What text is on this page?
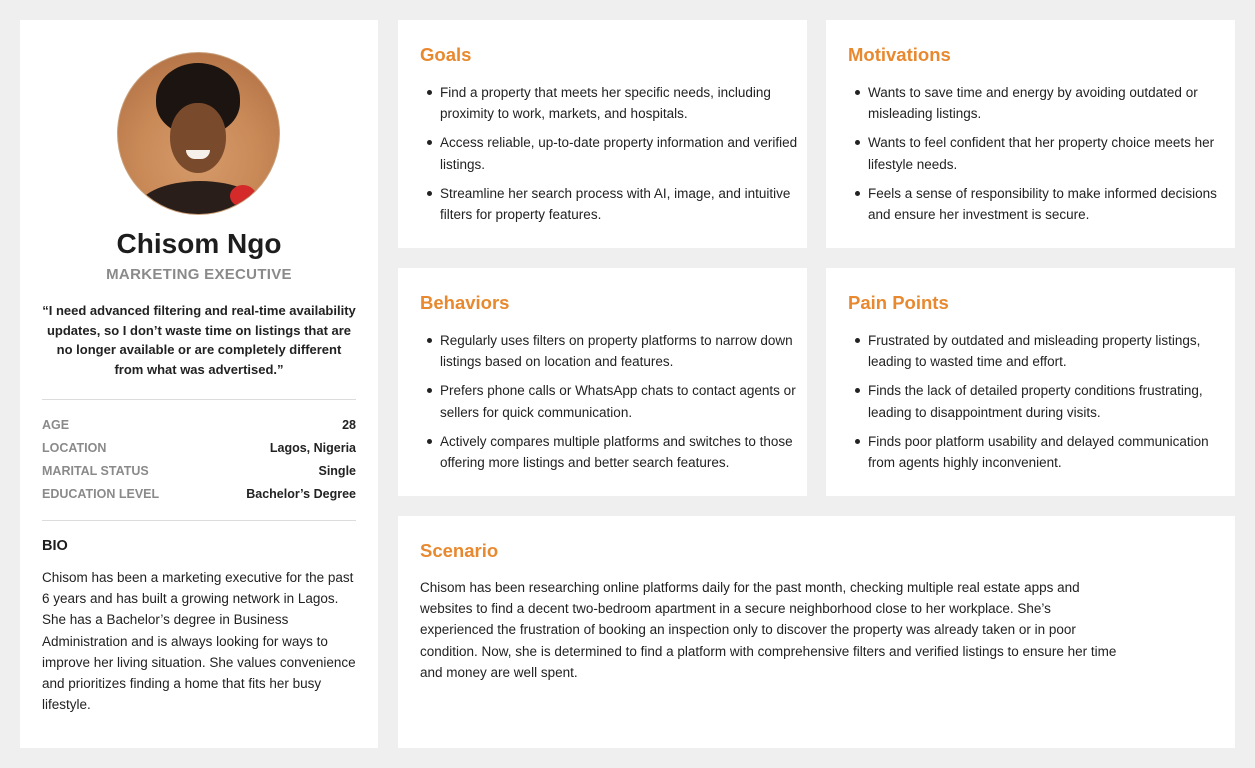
Chisom Ngo
MARKETING EXECUTIVE
“I need advanced filtering and real-time availability updates, so I don’t waste time on listings that are no longer available or are completely different from what was advertised.”
AGE	28
LOCATION	Lagos, Nigeria
MARITAL STATUS	Single
EDUCATION LEVEL	Bachelor’s Degree
BIO
Chisom has been a marketing executive for the past 6 years and has built a growing network in Lagos. She has a Bachelor’s degree in Business Administration and is always looking for ways to improve her living situation. She values convenience and prioritizes finding a home that fits her busy lifestyle.
Goals
Find a property that meets her specific needs, including proximity to work, markets, and hospitals.
Access reliable, up-to-date property information and verified listings.
Streamline her search process with AI, image, and intuitive filters for property features.
Motivations
Wants to save time and energy by avoiding outdated or misleading listings.
Wants to feel confident that her property choice meets her lifestyle needs.
Feels a sense of responsibility to make informed decisions and ensure her investment is secure.
Behaviors
Regularly uses filters on property platforms to narrow down listings based on location and features.
Prefers phone calls or WhatsApp chats to contact agents or sellers for quick communication.
Actively compares multiple platforms and switches to those offering more listings and better search features.
Pain Points
Frustrated by outdated and misleading property listings, leading to wasted time and effort.
Finds the lack of detailed property conditions frustrating, leading to disappointment during visits.
Finds poor platform usability and delayed communication from agents highly inconvenient.
Scenario
Chisom has been researching online platforms daily for the past month, checking multiple real estate apps and websites to find a decent two-bedroom apartment in a secure neighborhood close to her workplace. She’s experienced the frustration of booking an inspection only to discover the property was already taken or in poor condition. Now, she is determined to find a platform with comprehensive filters and verified listings to ensure her time and money are well spent.
